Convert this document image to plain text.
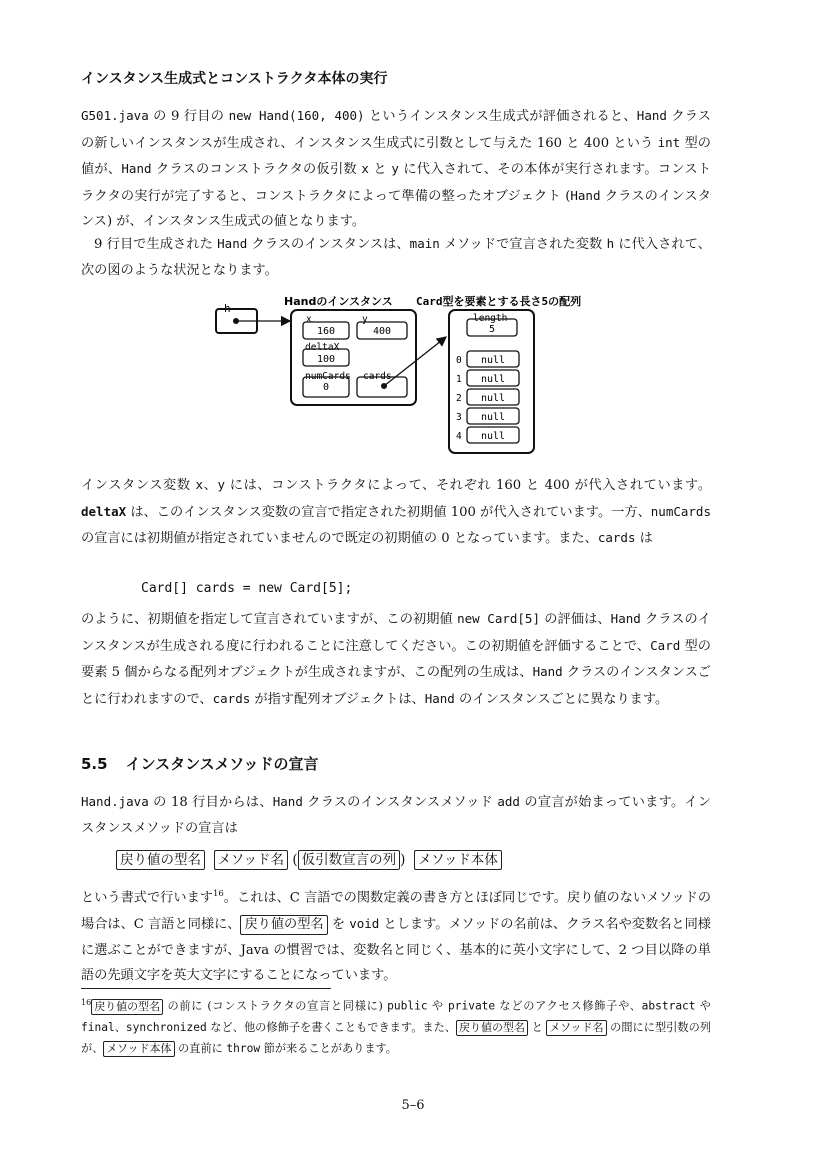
インスタンス生成式とコンストラクタ本体の実行
G501.java の 9 行目の new Hand(160, 400) というインスタンス生成式が評価されると、Hand クラスの新しいインスタンスが生成され、インスタンス生成式に引数として与えた 160 と 400 という int 型の値が、Hand クラスのコンストラクタの仮引数 x と y に代入されて、その本体が実行されます。コンストラクタの実行が完了すると、コンストラクタによって準備の整ったオブジェクト (Hand クラスのインスタンス) が、インスタンス生成式の値となります。
9 行目で生成された Hand クラスのインスタンスは、main メソッドで宣言された変数 h に代入されて、次の図のような状況となります。
h
Handのインスタンス
x
160
y
400
deltaX
100
numCards
0
cards
Card型を要素とする長さ5の配列
length
5
0 null
1 null
2 null
3 null
4 null
インスタンス変数 x、y には、コンストラクタによって、それぞれ 160 と 400 が代入されています。deltaX は、このインスタンス変数の宣言で指定された初期値 100 が代入されています。一方、numCards の宣言には初期値が指定されていませんので既定の初期値の 0 となっています。また、cards は
Card[] cards = new Card[5];
のように、初期値を指定して宣言されていますが、この初期値 new Card[5] の評価は、Hand クラスのインスタンスが生成される度に行われることに注意してください。この初期値を評価することで、Card 型の要素 5 個からなる配列オブジェクトが生成されますが、この配列の生成は、Hand クラスのインスタンスごとに行われますので、cards が指す配列オブジェクトは、Hand のインスタンスごとに異なります。
5.5 インスタンスメソッドの宣言
Hand.java の 18 行目からは、Hand クラスのインスタンスメソッド add の宣言が始まっています。インスタンスメソッドの宣言は
戻り値の型名 メソッド名 ( 仮引数宣言の列 ) メソッド本体
という書式で行います$^{16}$。これは、C 言語での関数定義の書き方とほぼ同じです。戻り値のないメソッドの場合は、C 言語と同様に、 戻り値の型名 を void とします。メソッドの名前は、クラス名や変数名と同様に選ぶことができますが、Java の慣習では、変数名と同じく、基本的に英小文字にして、2 つ目以降の単語の先頭文字を英大文字にすることになっています。
$^{16}$ 戻り値の型名 の前に (コンストラクタの宣言と同様に) public や private などのアクセス修飾子や、abstract や final、synchronized など、他の修飾子を書くこともできます。また、 戻り値の型名 と メソッド名 の間にに型引数の列が、 メソッド本体 の直前に throw 節が来ることがあります。
5–6
